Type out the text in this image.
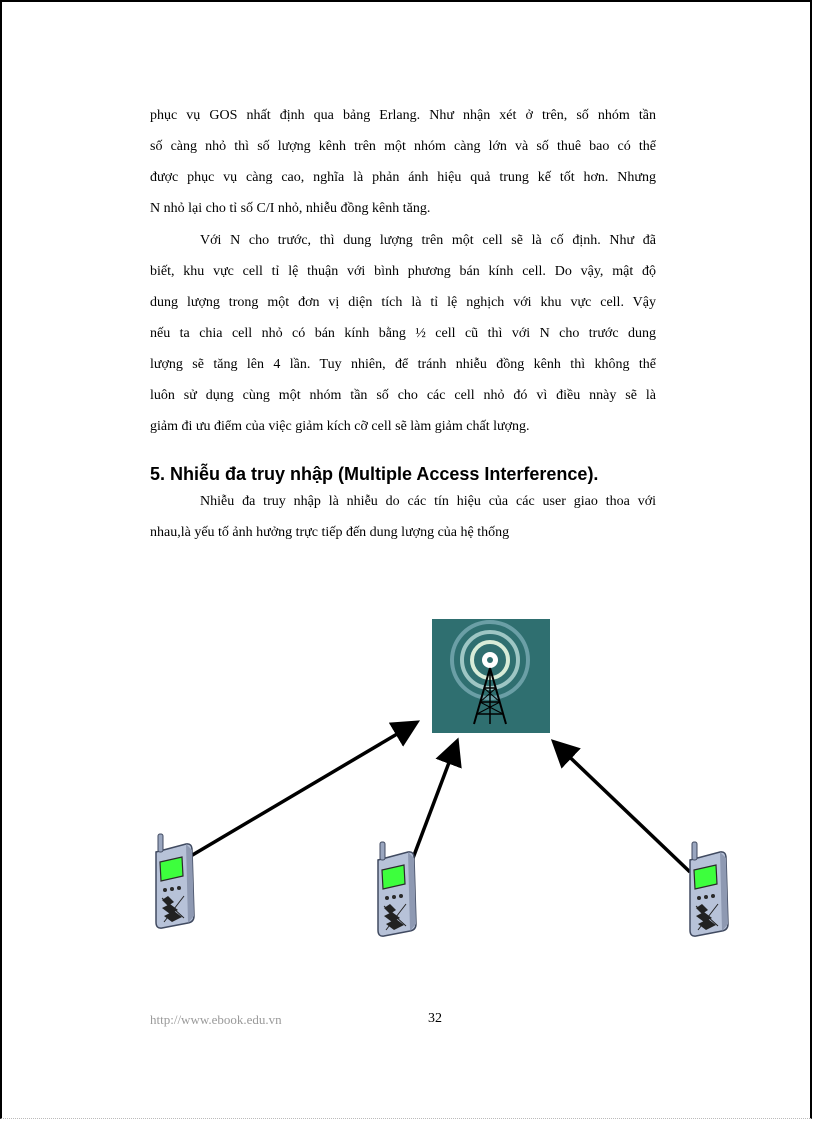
phục vụ GOS nhất định qua bảng Erlang. Như nhận xét ở trên, số nhóm tần
số càng nhỏ thì số lượng kênh trên một nhóm càng lớn và số thuê bao có thể
được phục vụ càng cao, nghĩa là phản ánh hiệu quả trung kế tốt hơn. Nhưng
N nhỏ lại cho tỉ số C/I nhỏ, nhiễu đồng kênh tăng.
Với N cho trước, thì dung lượng trên một cell sẽ là cố định. Như đã
biết, khu vực cell tỉ lệ thuận với bình phương bán kính cell. Do vậy, mật độ
dung lượng trong một đơn vị diện tích là tỉ lệ nghịch với khu vực cell. Vậy
nếu ta chia cell nhỏ có bán kính bằng ½ cell cũ thì với N cho trước dung
lượng sẽ tăng lên 4 lần. Tuy nhiên, để tránh nhiễu đồng kênh thì không thể
luôn sử dụng cùng một nhóm tần số cho các cell nhỏ đó vì điều nnày sẽ là
giảm đi ưu điểm của việc giảm kích cỡ cell sẽ làm giảm chất lượng.
5. Nhiễu đa truy nhập (Multiple Access Interference).
Nhiễu đa truy nhập là nhiễu do các tín hiệu của các user giao thoa với
nhau,là yếu tố ảnh hưởng trực tiếp đến dung lượng của hệ thống
http://www.ebook.edu.vn	32
